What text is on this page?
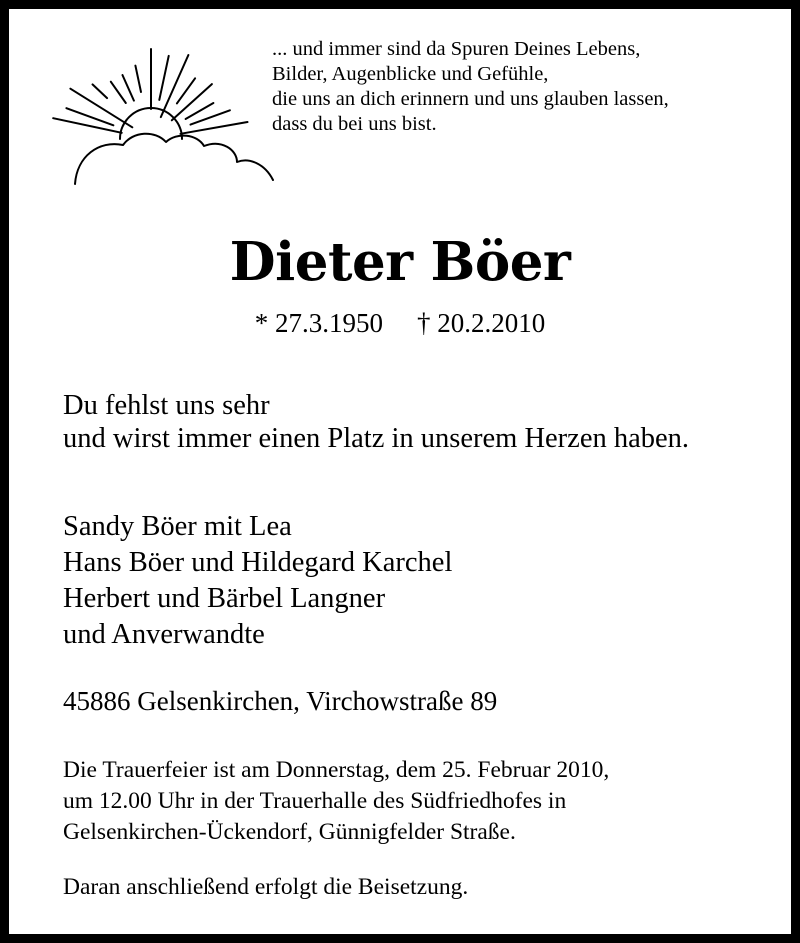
... und immer sind da Spuren Deines Lebens,
Bilder, Augenblicke und Gefühle,
die uns an dich erinnern und uns glauben lassen,
dass du bei uns bist.
Dieter Böer
* 27.3.1950 † 20.2.2010
Du fehlst uns sehr
und wirst immer einen Platz in unserem Herzen haben.
Sandy Böer mit Lea
Hans Böer und Hildegard Karchel
Herbert und Bärbel Langner
und Anverwandte
45886 Gelsenkirchen, Virchowstraße 89
Die Trauerfeier ist am Donnerstag, dem 25. Februar 2010,
um 12.00 Uhr in der Trauerhalle des Südfriedhofes in
Gelsenkirchen-Ückendorf, Günnigfelder Straße.
Daran anschließend erfolgt die Beisetzung.
